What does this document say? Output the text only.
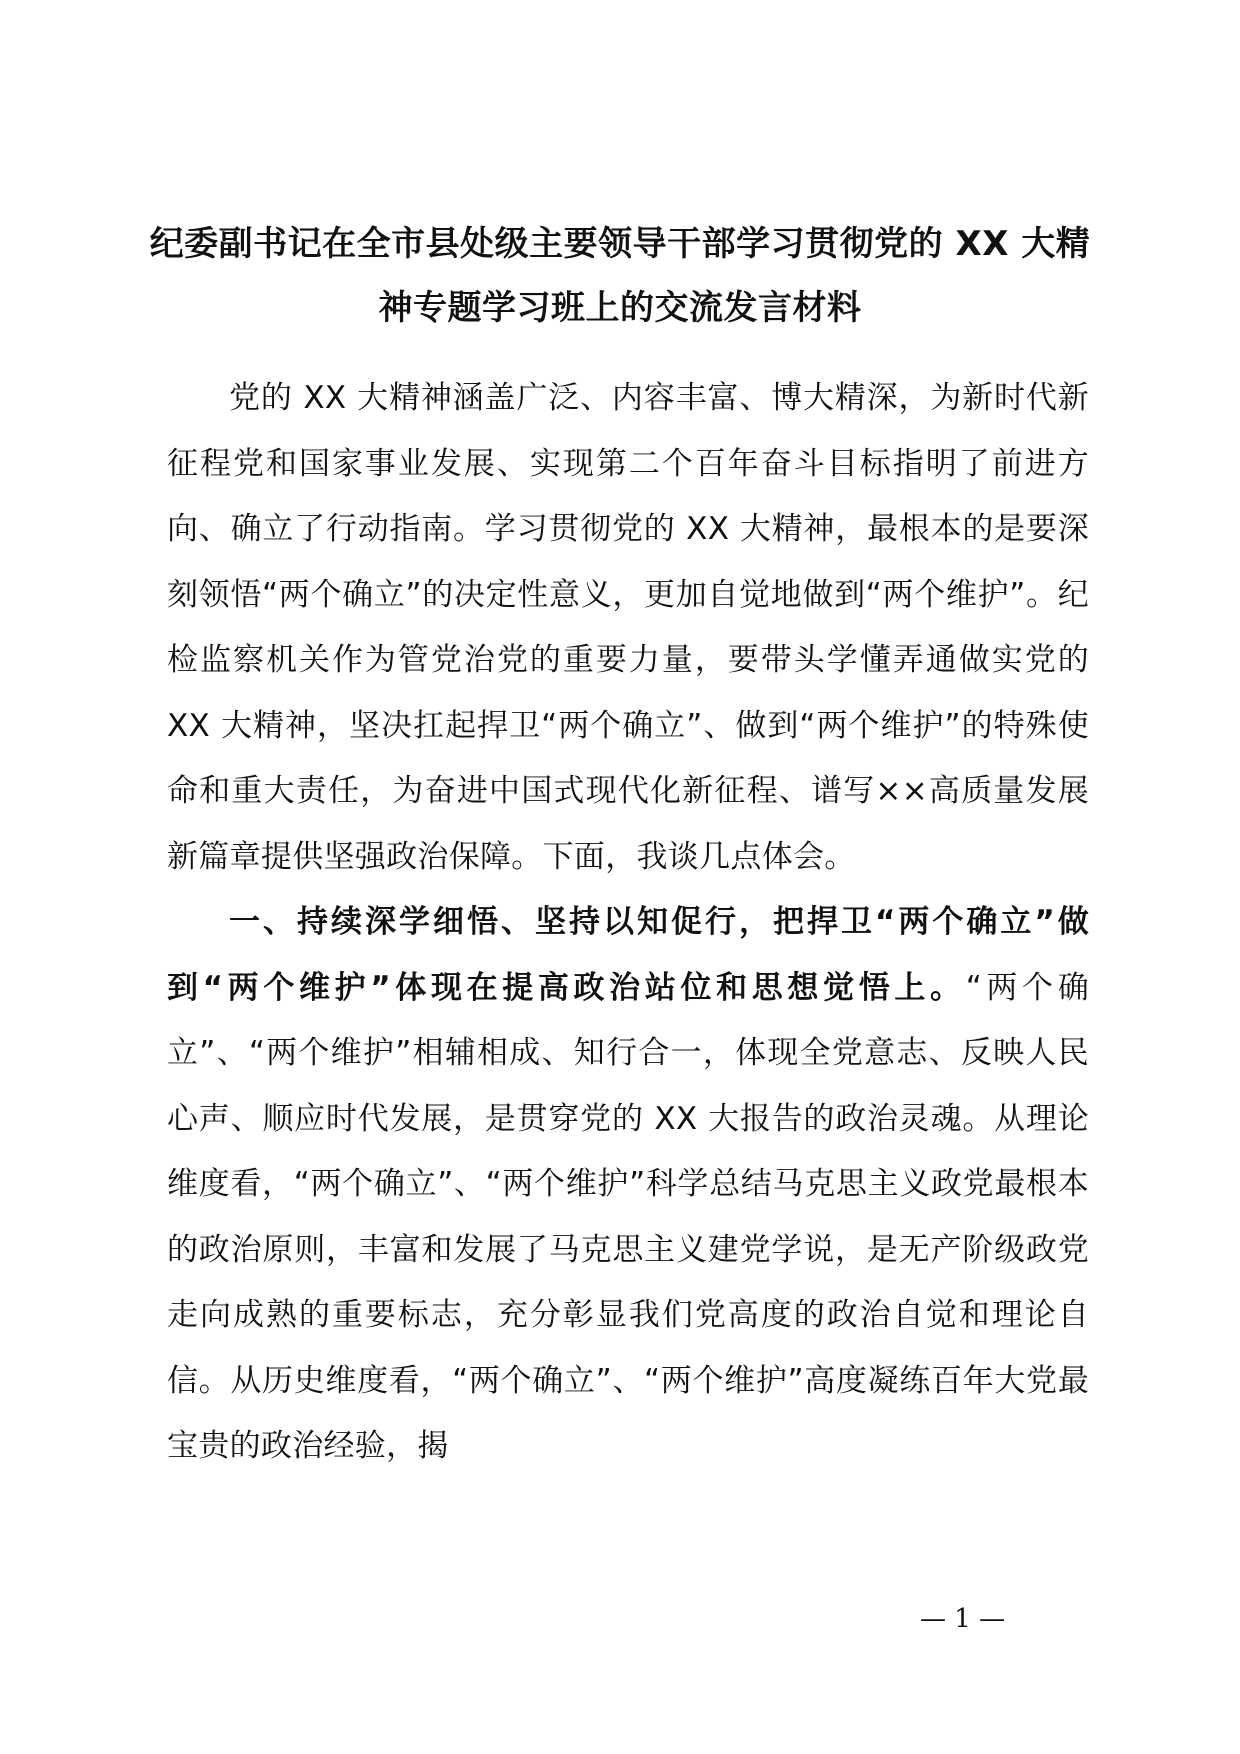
纪委副书记在全市县处级主要领导干部学习贯彻党的 XX 大精
神专题学习班上的交流发言材料

党的 XX 大精神涵盖广泛、内容丰富、博大精深，为新时代新征程党和国家事业发展、实现第二个百年奋斗目标指明了前进方向、确立了行动指南。学习贯彻党的 XX 大精神，最根本的是要深刻领悟“两个确立”的决定性意义，更加自觉地做到“两个维护”。纪检监察机关作为管党治党的重要力量，要带头学懂弄通做实党的 XX 大精神，坚决扛起捍卫“两个确立”、做到“两个维护”的特殊使命和重大责任，为奋进中国式现代化新征程、谱写××高质量发展新篇章提供坚强政治保障。下面，我谈几点体会。

一、持续深学细悟、坚持以知促行，把捍卫“两个确立”做到“两个维护”体现在提高政治站位和思想觉悟上。“两个确立”、“两个维护”相辅相成、知行合一，体现全党意志、反映人民心声、顺应时代发展，是贯穿党的 XX 大报告的政治灵魂。从理论维度看，“两个确立”、“两个维护”科学总结马克思主义政党最根本的政治原则，丰富和发展了马克思主义建党学说，是无产阶级政党走向成熟的重要标志，充分彰显我们党高度的政治自觉和理论自信。从历史维度看，“两个确立”、“两个维护”高度凝练百年大党最宝贵的政治经验，揭

— 1 —
